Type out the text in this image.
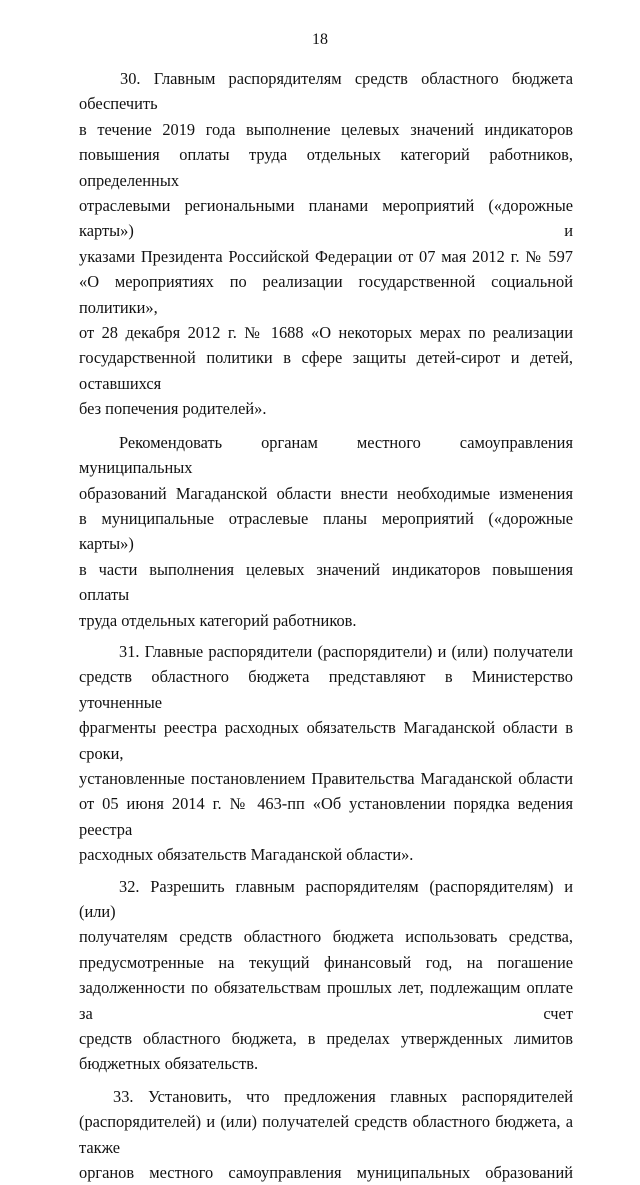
18
30. Главным распорядителям средств областного бюджета обеспечить
в течение 2019 года выполнение целевых значений индикаторов
повышения оплаты труда отдельных категорий работников, определенных
отраслевыми региональными планами мероприятий («дорожные карты») и
указами Президента Российской Федерации от 07 мая 2012 г. № 597
«О мероприятиях по реализации государственной социальной политики»,
от 28 декабря 2012 г. № 1688 «О некоторых мерах по реализации
государственной политики в сфере защиты детей-сирот и детей, оставшихся
без попечения родителей».
Рекомендовать органам местного самоуправления муниципальных
образований Магаданской области внести необходимые изменения
в муниципальные отраслевые планы мероприятий («дорожные карты»)
в части выполнения целевых значений индикаторов повышения оплаты
труда отдельных категорий работников.
31. Главные распорядители (распорядители) и (или) получатели
средств областного бюджета представляют в Министерство уточненные
фрагменты реестра расходных обязательств Магаданской области в сроки,
установленные постановлением Правительства Магаданской области
от 05 июня 2014 г. № 463-пп «Об установлении порядка ведения реестра
расходных обязательств Магаданской области».
32. Разрешить главным распорядителям (распорядителям) и (или)
получателям средств областного бюджета использовать средства,
предусмотренные на текущий финансовый год, на погашение
задолженности по обязательствам прошлых лет, подлежащим оплате за счет
средств областного бюджета, в пределах утвержденных лимитов
бюджетных обязательств.
33. Установить, что предложения главных распорядителей
(распорядителей) и (или) получателей средств областного бюджета, а также
органов местного самоуправления муниципальных образований
